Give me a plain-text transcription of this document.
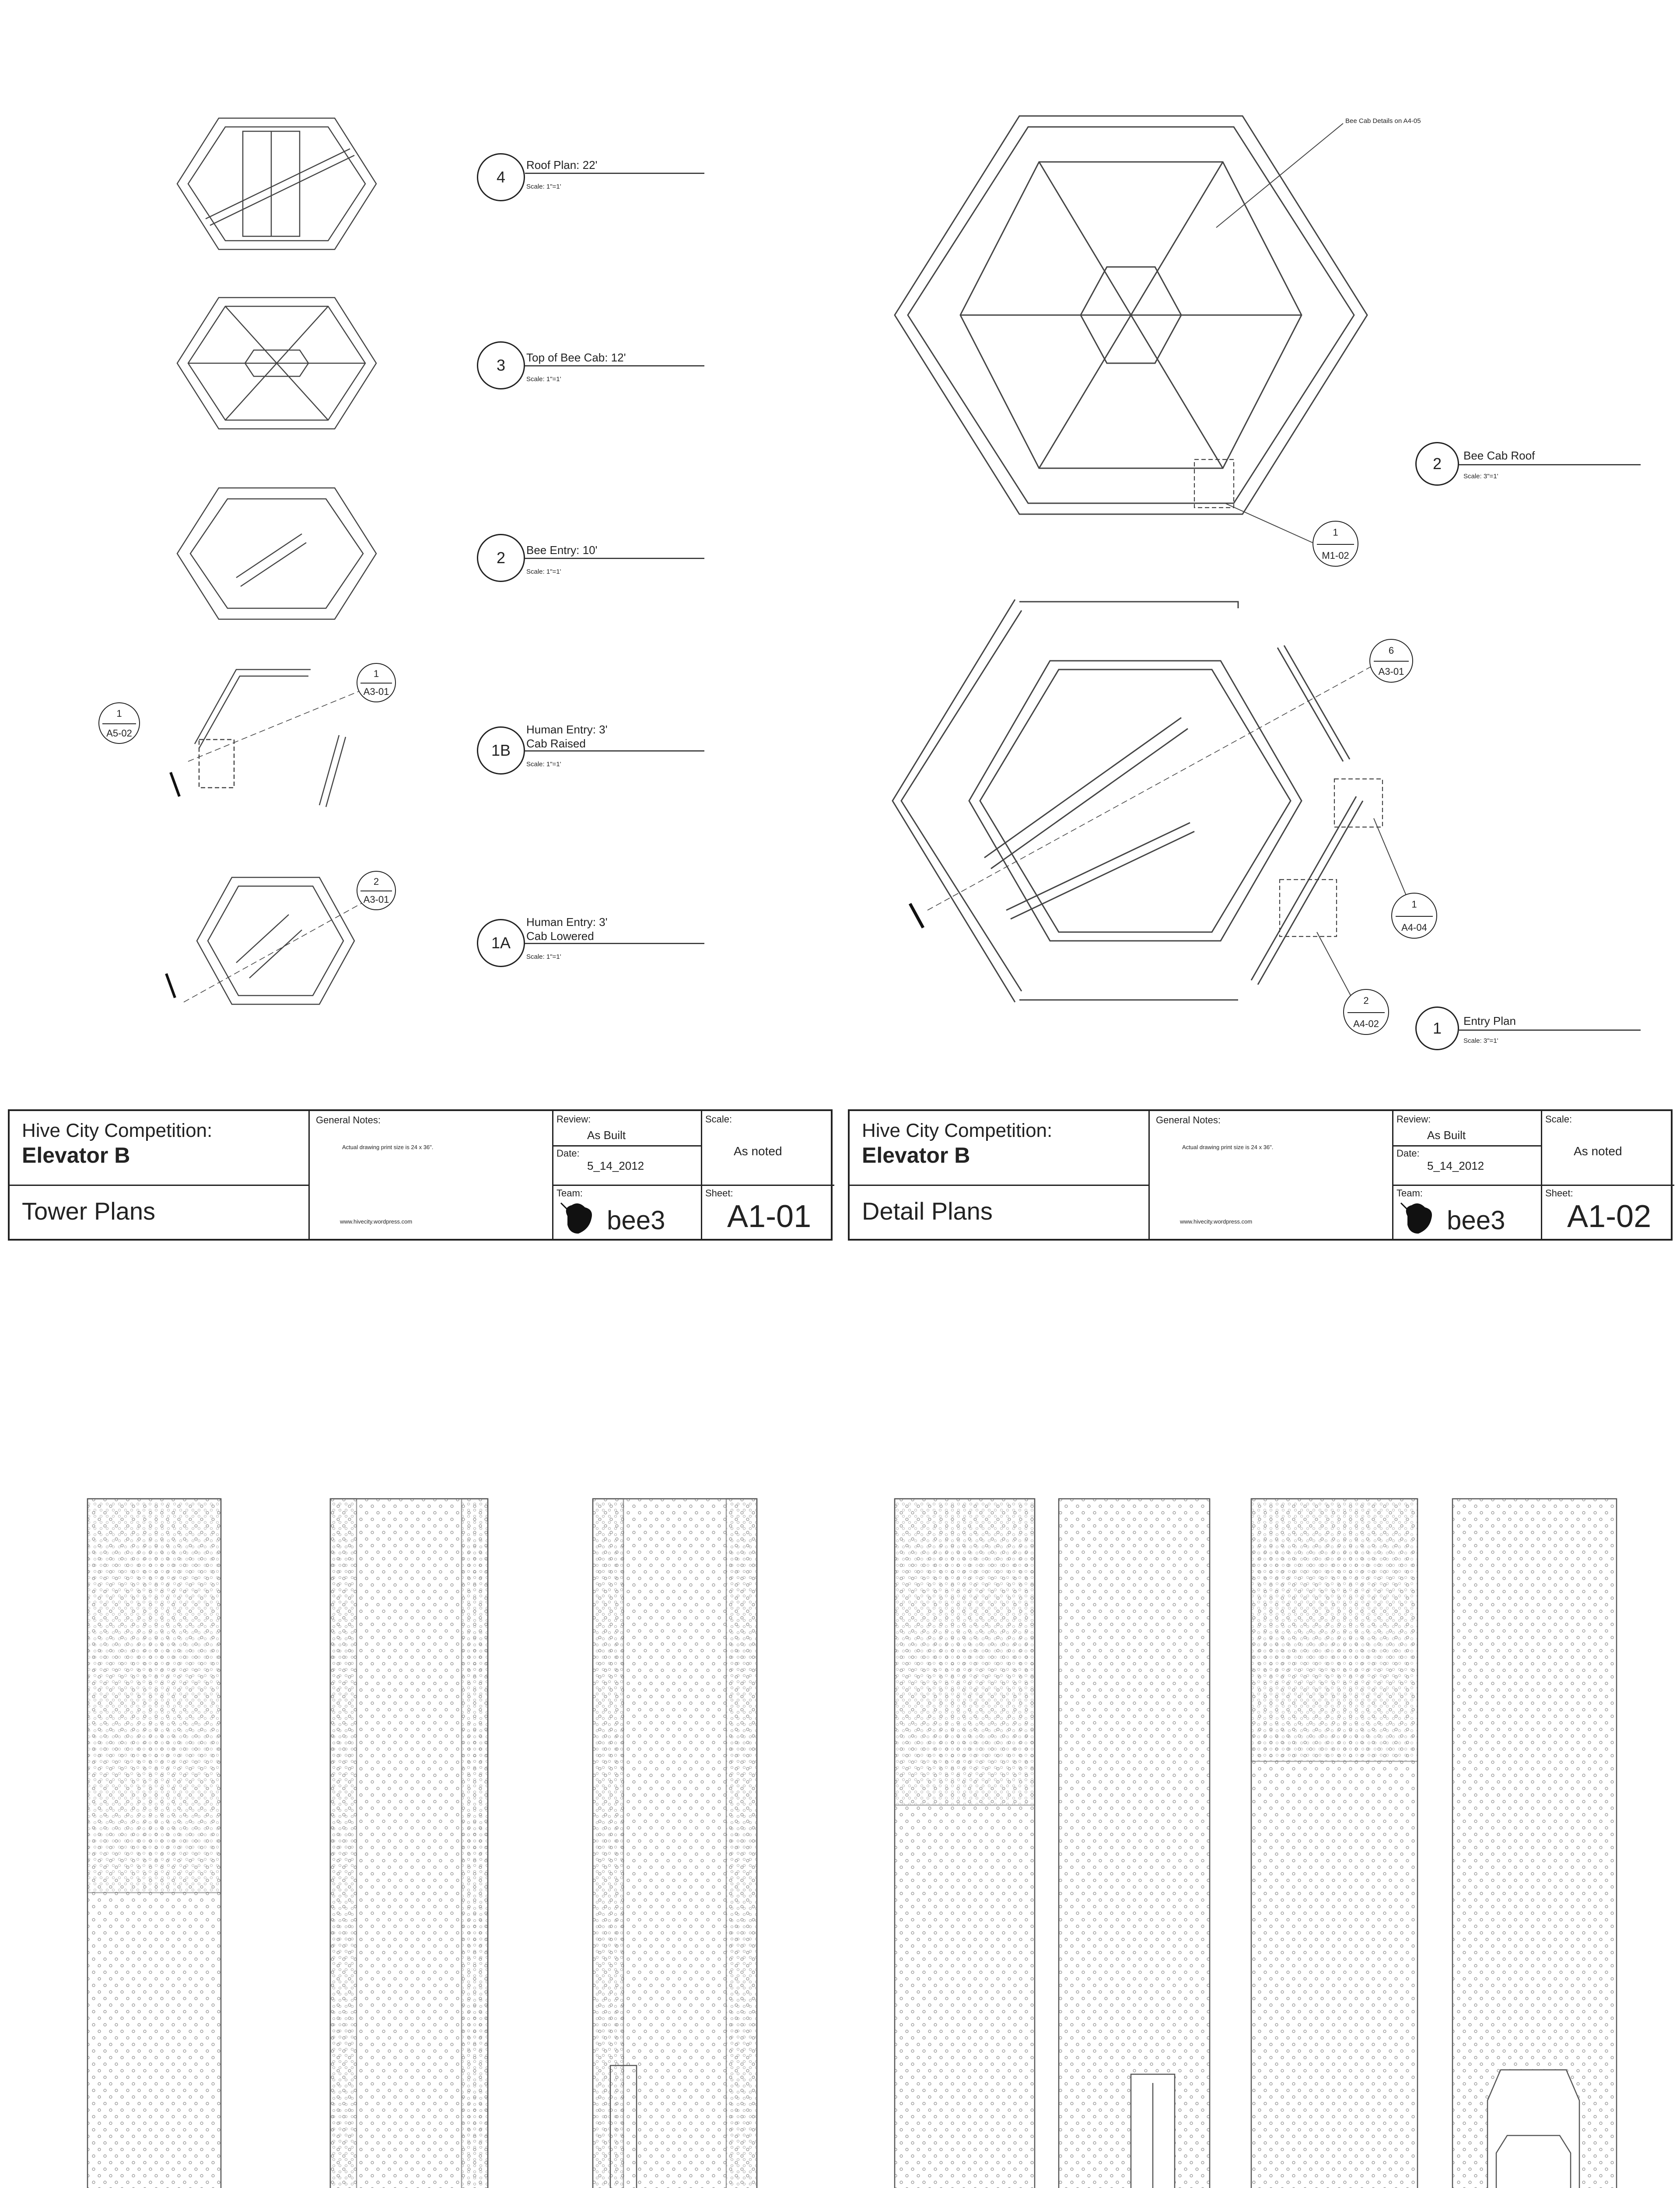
4
Roof Plan: 22'
Scale: 1"=1'
3 Top of Bee Cab: 12'
Scale: 1"=1'
2 Bee Entry: 10'
Scale: 1"=1'
1B
Human Entry: 3'
Cab Raised
Scale: 1"=1'
1A
Human Entry: 3'
Cab Lowered
Scale: 1"=1'
1
A5-02
1
A3-01
2
A3-01
Bee Cab Details on A4-05
2 Bee Cab Roof
Scale: 3"=1'
1 Entry Plan
Scale: 3"=1'
1
M1-02
6
A3-01
1
A4-04
2
A4-02
Hive City Competition:
Elevator B
Tower Plans
General Notes:
Actual drawing print size is 24 x 36".
www.hivecity.wordpress.com
Review:
As Built
Date:
5_14_2012
Team:
bee3
Scale:
As noted
Sheet:
A1-01
Hive City Competition:
Elevator B
Detail Plans
General Notes:
Actual drawing print size is 24 x 36".
www.hivecity.wordpress.com
Review:
As Built
Date:
5_14_2012
Team:
bee3
Scale:
As noted
Sheet:
A1-02
